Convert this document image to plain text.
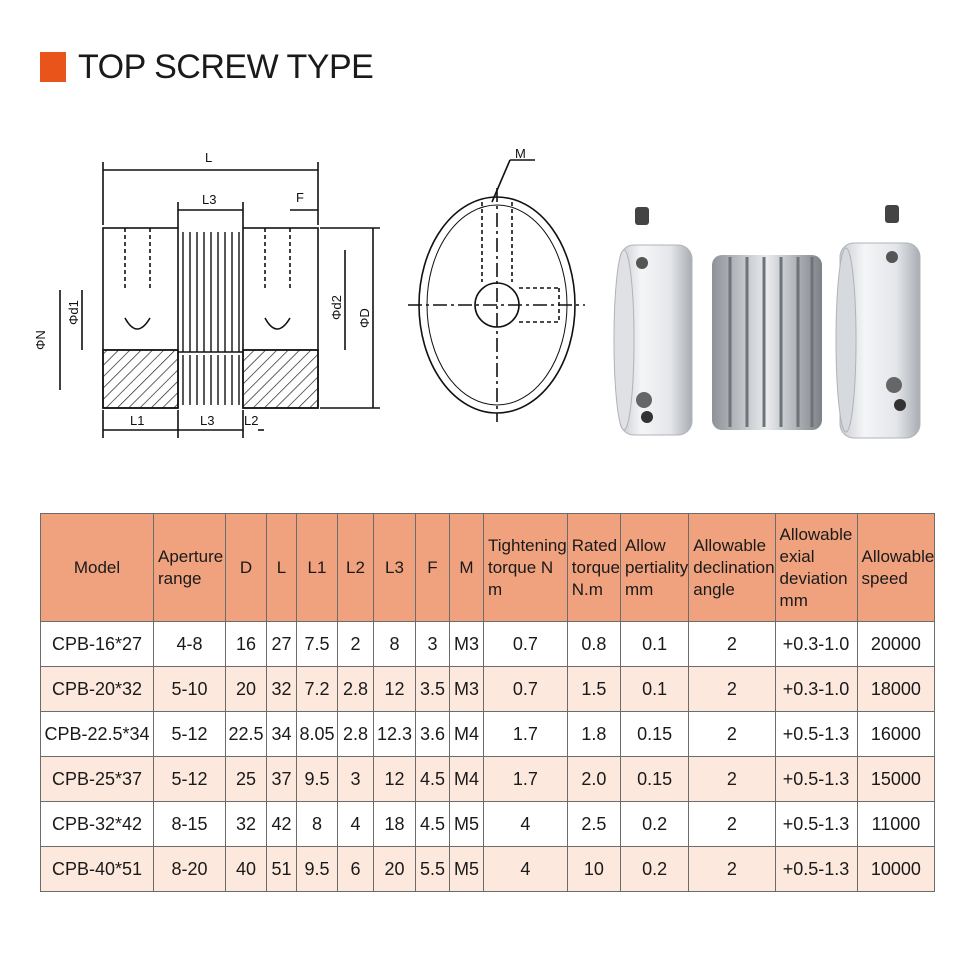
TOP SCREW TYPE
L
L3	F
L1	L3 L2
ΦN
Φd1	Φd2 ΦD
M
Model	Aperture range	D	L	L1	L2	L3	F	M	Tightening torque N m	Rated torque N.m	Allow pertiality mm	Allowable declination angle	Allowable exial deviation mm	Allowable speed
CPB-16*27	4-8	16	27	7.5	2	8	3	M3	0.7	0.8	0.1	2	+0.3-1.0	20000
CPB-20*32	5-10	20	32	7.2	2.8	12	3.5	M3	0.7	1.5	0.1	2	+0.3-1.0	18000
CPB-22.5*34	5-12	22.5	34	8.05	2.8	12.3	3.6	M4	1.7	1.8	0.15	2	+0.5-1.3	16000
CPB-25*37	5-12	25	37	9.5	3	12	4.5	M4	1.7	2.0	0.15	2	+0.5-1.3	15000
CPB-32*42	8-15	32	42	8	4	18	4.5	M5	4	2.5	0.2	2	+0.5-1.3	11000
CPB-40*51	8-20	40	51	9.5	6	20	5.5	M5	4	10	0.2	2	+0.5-1.3	10000
